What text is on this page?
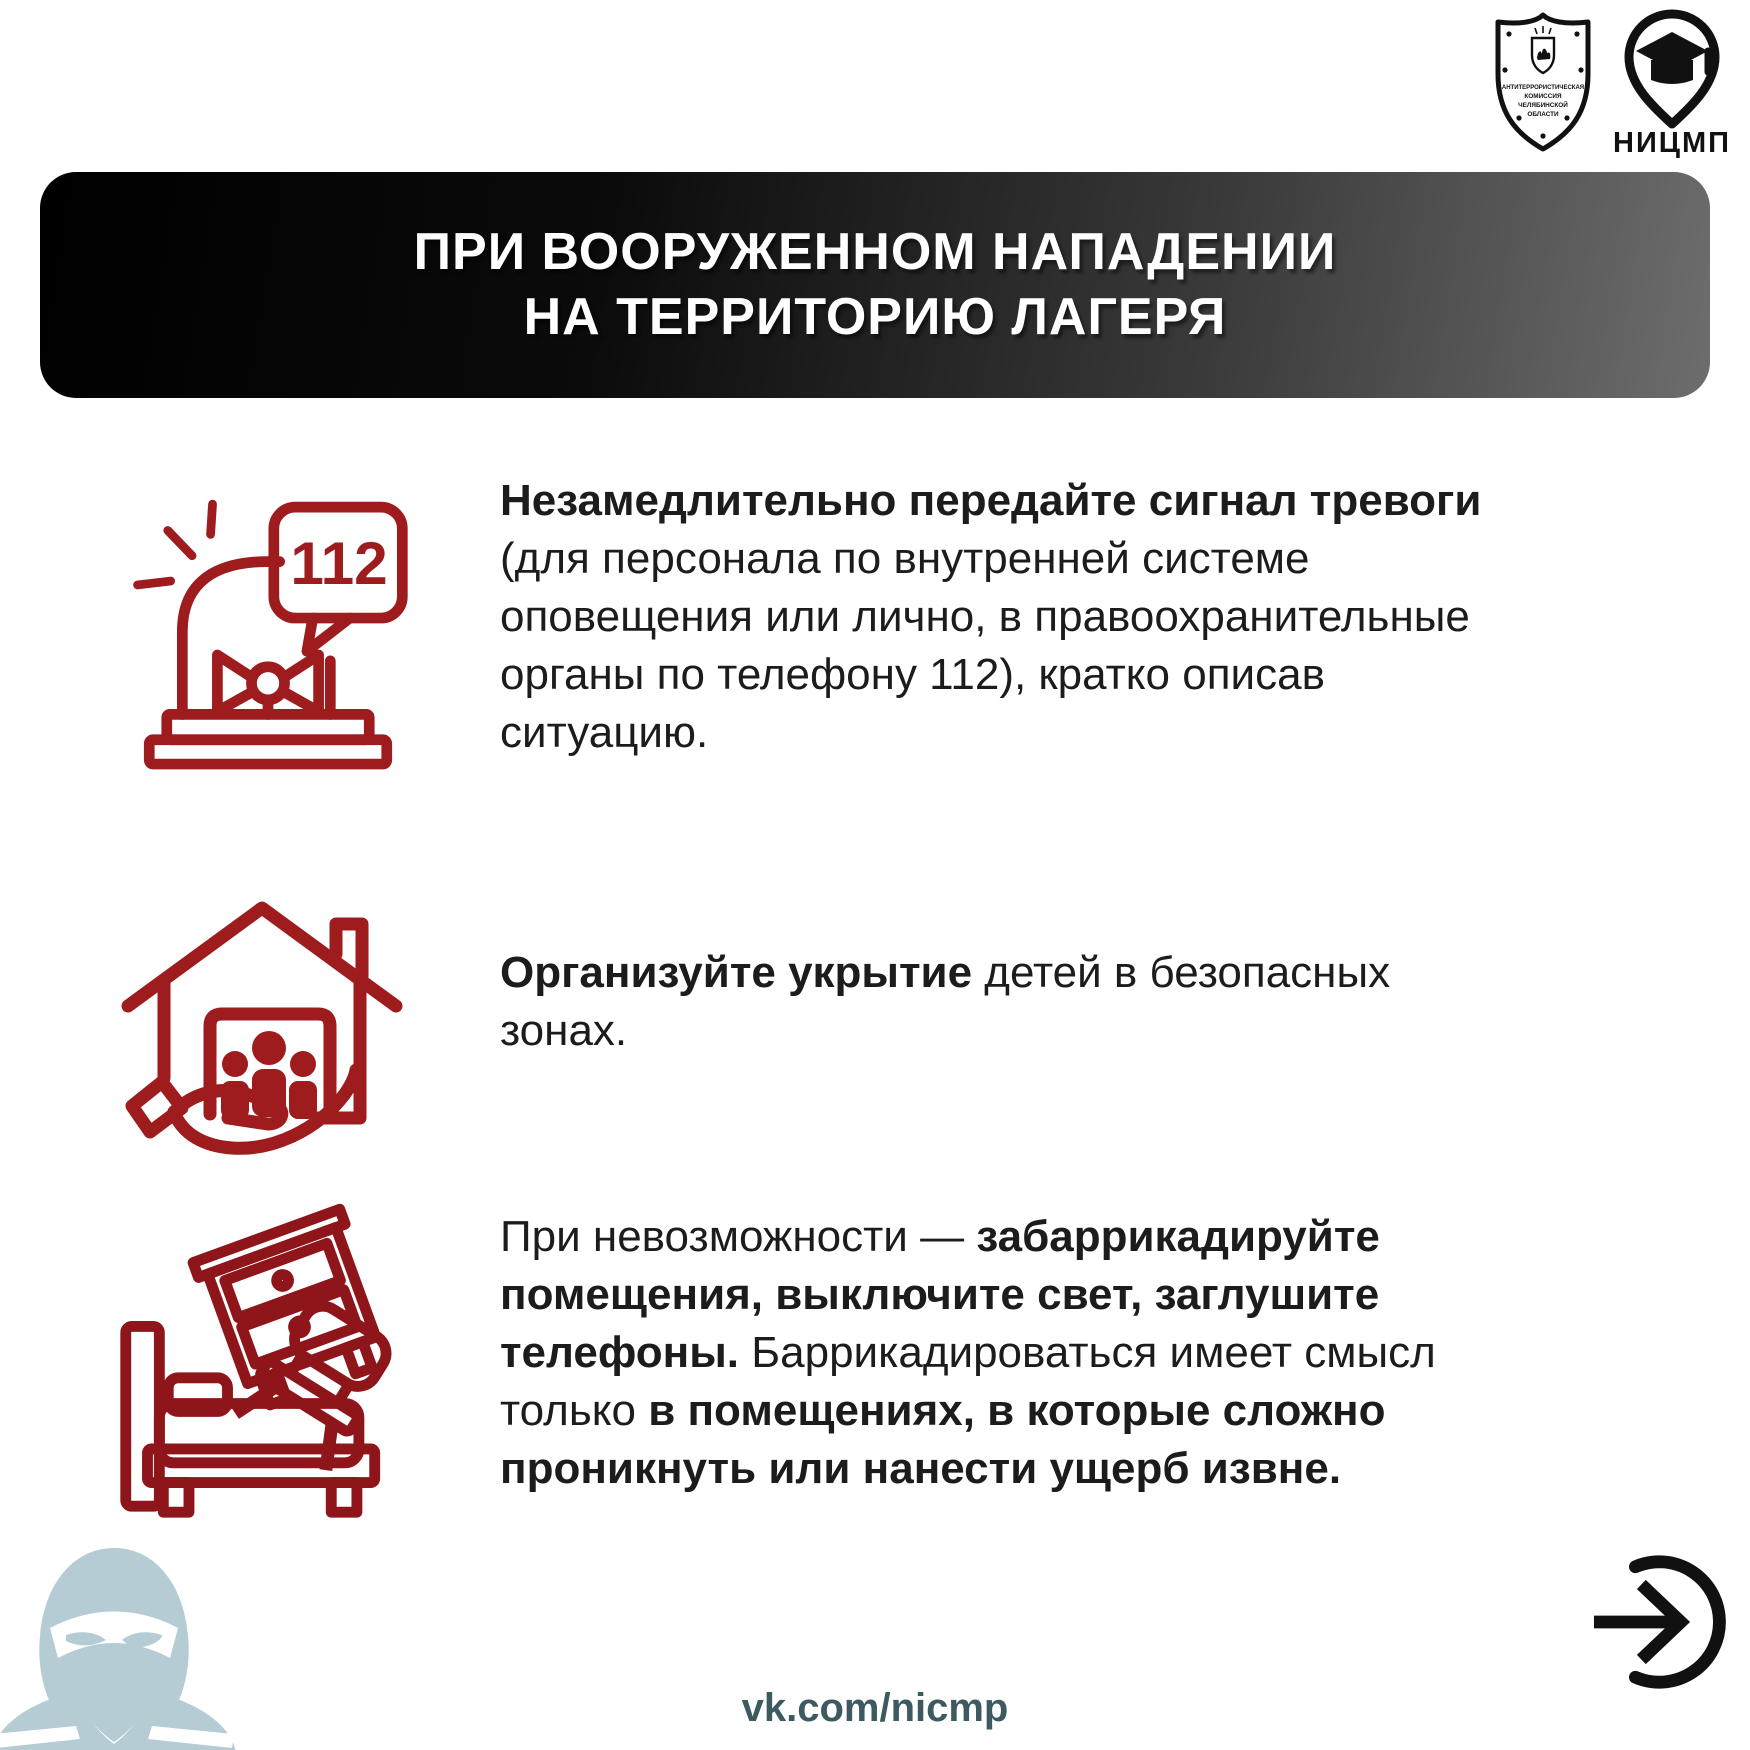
АНТИТЕРРОРИСТИЧЕСКАЯ
КОМИССИЯ
ЧЕЛЯБИНСКОЙ
ОБЛАСТИ
НИЦМП
ПРИ ВООРУЖЕННОМ НАПАДЕНИИ
НА ТЕРРИТОРИЮ ЛАГЕРЯ
112
Незамедлительно передайте сигнал тревоги
(для персонала по внутренней системе
оповещения или лично, в правоохранительные
органы по телефону 112), кратко описав
ситуацию.
Организуйте укрытие детей в безопасных
зонах.
При невозможности — забаррикадируйте
помещения, выключите свет, заглушите
телефоны. Баррикадироваться имеет смысл
только в помещениях, в которые сложно
проникнуть или нанести ущерб извне.
vk.com/nicmp
